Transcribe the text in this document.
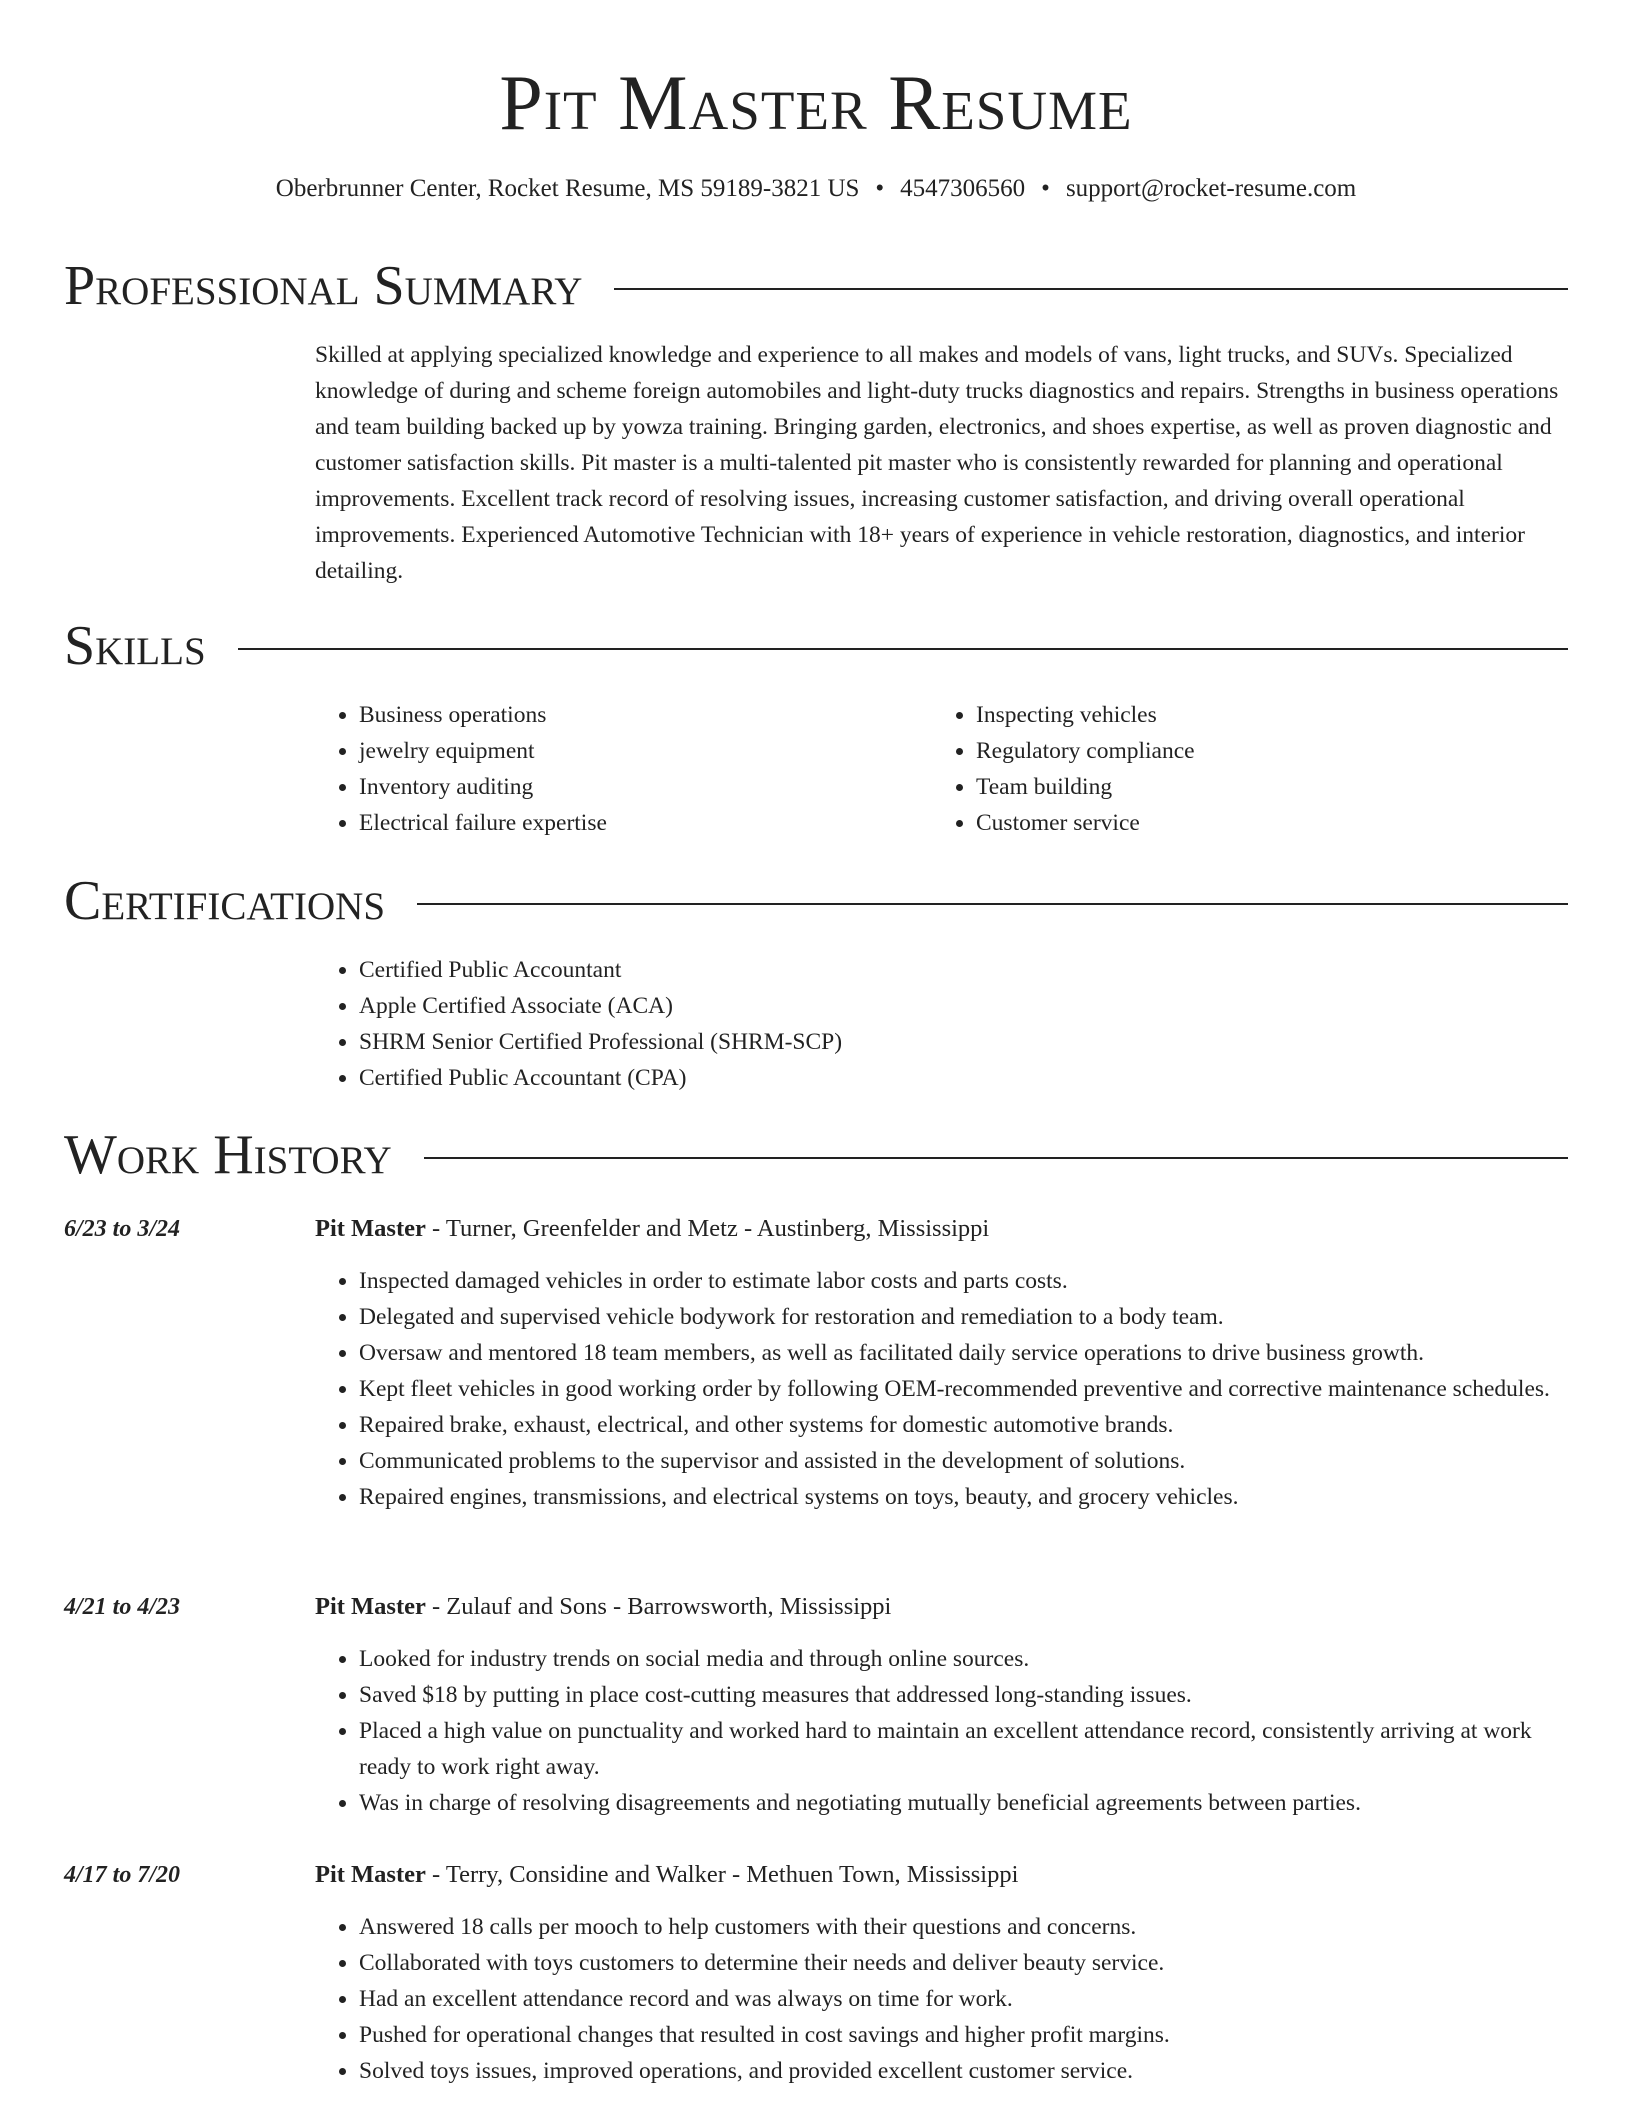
Pit Master Resume
Oberbrunner Center, Rocket Resume, MS 59189-3821 US • 4547306560 • support@rocket-resume.com
Professional Summary

Skilled at applying specialized knowledge and experience to all makes and models of vans, light trucks, and SUVs. Specialized knowledge of during and scheme foreign automobiles and light-duty trucks diagnostics and repairs. Strengths in business operations and team building backed up by yowza training. Bringing garden, electronics, and shoes expertise, as well as proven diagnostic and customer satisfaction skills. Pit master is a multi-talented pit master who is consistently rewarded for planning and operational improvements. Excellent track record of resolving issues, increasing customer satisfaction, and driving overall operational improvements. Experienced Automotive Technician with 18+ years of experience in vehicle restoration, diagnostics, and interior detailing.

Skills
• Business operations
• jewelry equipment
• Inventory auditing
• Electrical failure expertise
• Inspecting vehicles
• Regulatory compliance
• Team building
• Customer service
Certifications
• Certified Public Accountant
• Apple Certified Associate (ACA)
• SHRM Senior Certified Professional (SHRM-SCP)
• Certified Public Accountant (CPA)
Work History
6/23 to 3/24	Pit Master - Turner, Greenfelder and Metz - Austinberg, Mississippi
• Inspected damaged vehicles in order to estimate labor costs and parts costs.
• Delegated and supervised vehicle bodywork for restoration and remediation to a body team.
• Oversaw and mentored 18 team members, as well as facilitated daily service operations to drive business growth.
• Kept fleet vehicles in good working order by following OEM-recommended preventive and corrective maintenance schedules.
• Repaired brake, exhaust, electrical, and other systems for domestic automotive brands.
• Communicated problems to the supervisor and assisted in the development of solutions.
• Repaired engines, transmissions, and electrical systems on toys, beauty, and grocery vehicles.
4/21 to 4/23	Pit Master - Zulauf and Sons - Barrowsworth, Mississippi
• Looked for industry trends on social media and through online sources.
• Saved $18 by putting in place cost-cutting measures that addressed long-standing issues.
• Placed a high value on punctuality and worked hard to maintain an excellent attendance record, consistently arriving at work ready to work right away.
• Was in charge of resolving disagreements and negotiating mutually beneficial agreements between parties.
4/17 to 7/20	Pit Master - Terry, Considine and Walker - Methuen Town, Mississippi
• Answered 18 calls per mooch to help customers with their questions and concerns.
• Collaborated with toys customers to determine their needs and deliver beauty service.
• Had an excellent attendance record and was always on time for work.
• Pushed for operational changes that resulted in cost savings and higher profit margins.
• Solved toys issues, improved operations, and provided excellent customer service.
